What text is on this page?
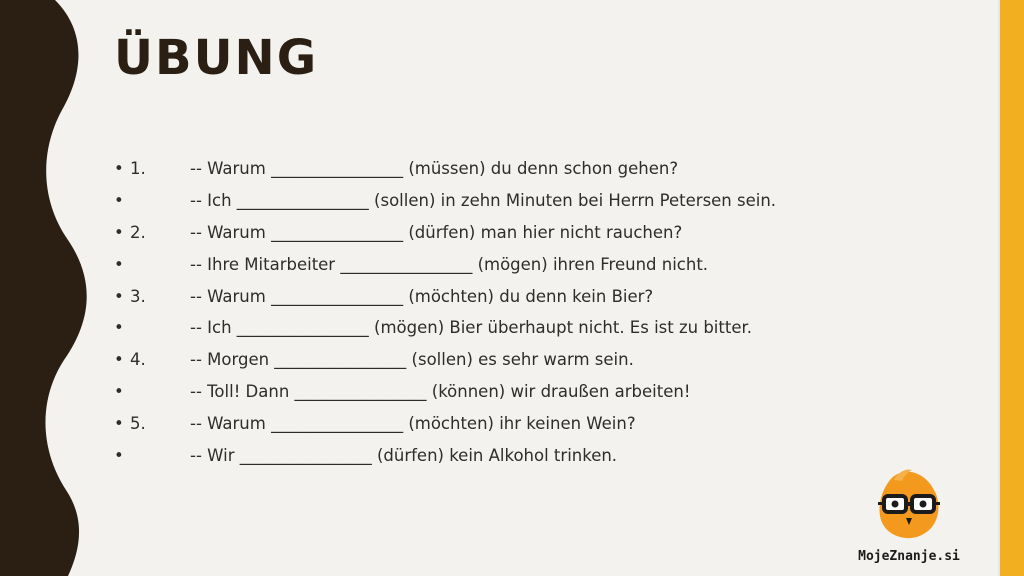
ÜBUNG
• 1.	-- Warum ________________ (müssen) du denn schon gehen?
•	-- Ich ________________ (sollen) in zehn Minuten bei Herrn Petersen sein.
• 2.	-- Warum ________________ (dürfen) man hier nicht rauchen?
•	-- Ihre Mitarbeiter ________________ (mögen) ihren Freund nicht.
• 3.	-- Warum ________________ (möchten) du denn kein Bier?
•	-- Ich ________________ (mögen) Bier überhaupt nicht. Es ist zu bitter.
• 4.	-- Morgen ________________ (sollen) es sehr warm sein.
•	-- Toll! Dann ________________ (können) wir draußen arbeiten!
• 5.	-- Warum ________________ (möchten) ihr keinen Wein?
•	-- Wir ________________ (dürfen) kein Alkohol trinken.
MojeZnanje.si
